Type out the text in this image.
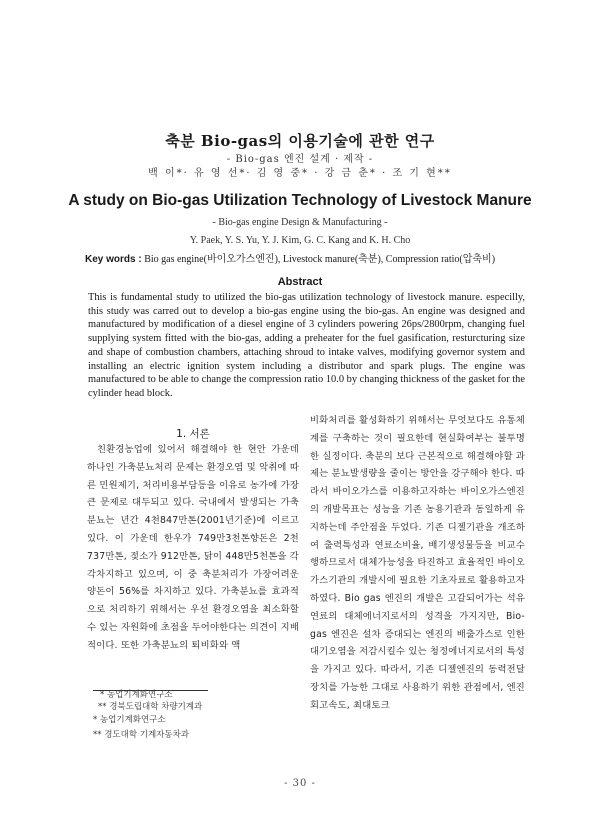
축분 Bio-gas의 이용기술에 관한 연구
- Bio-gas 엔진 설계 · 제작 -
백 이*· 유 영 선*· 김 영 중* · 강 금 춘* · 조 기 현**
A study on Bio-gas Utilization Technology of Livestock Manure
- Bio-gas engine Design & Manufacturing -
Y. Paek, Y. S. Yu, Y. J. Kim, G. C. Kang and K. H. Cho
Key words : Bio gas engine(바이오가스엔진), Livestock manure(축분), Compression ratio(압축비)
Abstract
This is fundamental study to utilized the bio-gas utilization technology of livestock manure. especilly, this study was carred out to develop a bio-gas engine using the bio-gas. An engine was designed and manufactured by modification of a diesel engine of 3 cylinders powering 26ps/2800rpm, changing fuel supplying system fitted with the bio-gas, adding a preheater for the fuel gasification, resturcturing size and shape of combustion chambers, attaching shroud to intake valves, modifying governor system and installing an electric ignition system including a distributor and spark plugs. The engine was manufactured to be able to change the compression ratio 10.0 by changing thickness of the gasket for the cylinder head block.
1. 서론
친환경농업에 있어서 해결해야 한 현안 가운데 하나인 가축분뇨처리 문제는 환경오염 및 악취에 따른 민원제기, 처리비용부담등을 이유로 농가에 가장큰 문제로 대두되고 있다. 국내에서 발생되는 가축분뇨는 년간 4천847만톤(2001년기준)에 이르고 있다. 이 가운데 한우가 749만3천톤향돈은 2천737만톤, 젖소가 912만톤, 닭이 448만5천톤을 각각차지하고 있으며, 이 중 축분처리가 가장어려운 양돈이 56%를 차지하고 있다. 가축분뇨를 효과적으로 처리하기 위해서는 우선 환경오염을 최소화할 수 있는 자원화에 초점을 두어야한다는 의견이 지배적이다. 또한 가축분뇨의 퇴비화와 액
비화처리를 활성화하기 위해서는 무엇보다도 유통체계를 구축하는 것이 필요한데 현실화여부는 불투명한 실정이다. 축분의 보다 근본적으로 해결해야할 과제는 분뇨발생량을 줄이는 방안을 강구해야 한다. 따라서 바이오가스를 이용하고자하는 바이오가스엔진의 개발목표는 성능을 기존 농용기관과 동일하게 유지하는데 주안점을 두었다. 기존 디젤기관을 개조하여 출력특성과 연료소비율, 배기생성물등을 비교수행하므로서 대체가능성을 타진하고 효율적인 바이오가스기관의 개발시에 필요한 기초자료로 활용하고자 하였다. Bio gas 엔진의 개발은 고갈되어가는 석유연료의 대체에너지로서의 성격을 가지지만, Bio-gas 엔진은 설차 증대되는 엔진의 배출가스로 인한 대기오염을 저감시킬수 있는 청정에너지로서의 특성을 가지고 있다. 따라서, 기존 디젤엔진의 동력전달장치를 가능한 그대로 사용하기 위한 관점에서, 엔진회고속도, 최대토크
* 농업기계화연구소
** 경북도립대학 차량기계과
* 농업기계화연구소
** 경도대학 기계자동차과
- 30 -
